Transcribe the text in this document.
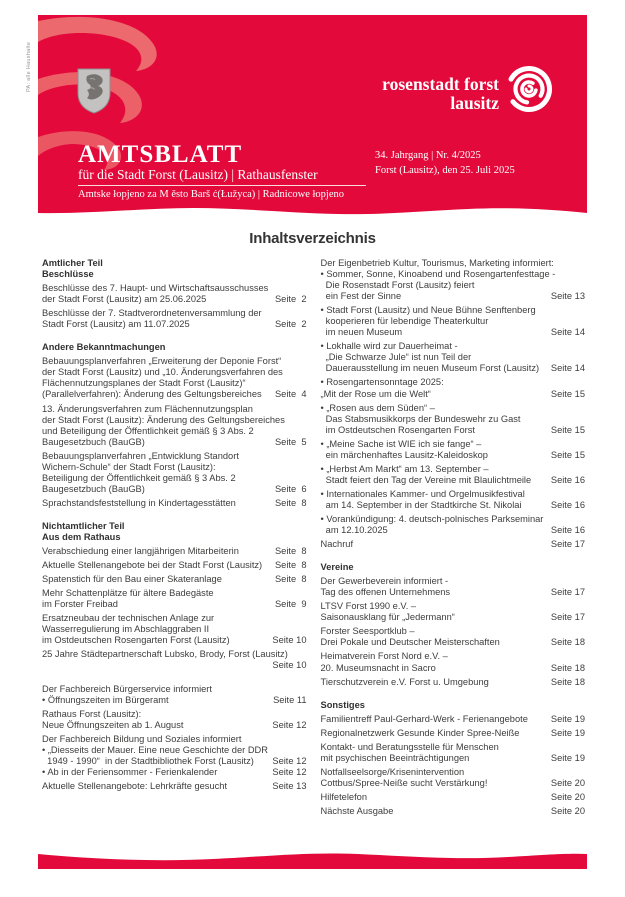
PA: alle Haushalte	rosenstadt forst
lausitz
AMTSBLATT
für die Stadt Forst (Lausitz) | Rathausfenster
Amtske łopjeno za M ěsto Barš ć(Łužyca) | Radnicowe łopjeno
34. Jahrgang | Nr. 4/2025
Forst (Lausitz), den 25. Juli 2025
Inhaltsverzeichnis
Amtlicher Teil
Beschlüsse
Beschlüsse des 7. Haupt- und Wirtschaftsausschusses
der Stadt Forst (Lausitz) am 25.06.2025	Seite  2
Beschlüsse der 7. Stadtverordnetenversammlung der
Stadt Forst (Lausitz) am 11.07.2025	Seite  2
Andere Bekanntmachungen
Bebauungsplanverfahren „Erweiterung der Deponie Forst“
der Stadt Forst (Lausitz) und „10. Änderungsverfahren des
Flächennutzungsplanes der Stadt Forst (Lausitz)“
(Parallelverfahren): Änderung des Geltungsbereiches Seite  4
13. Änderungsverfahren zum Flächennutzungsplan
der Stadt Forst (Lausitz): Änderung des Geltungsbereiches
und Beteiligung der Öffentlichkeit gemäß § 3 Abs. 2
Baugesetzbuch (BauGB)	Seite  5
Bebauungsplanverfahren „Entwicklung Standort
Wichern-Schule“ der Stadt Forst (Lausitz):
Beteiligung der Öffentlichkeit gemäß § 3 Abs. 2
Baugesetzbuch (BauGB)	Seite  6
Sprachstandsfeststellung in Kindertagesstätten	Seite  8
Nichtamtlicher Teil
Aus dem Rathaus
Verabschiedung einer langjährigen Mitarbeiterin	Seite  8
Aktuelle Stellenangebote bei der Stadt Forst (Lausitz) Seite  8
Spatenstich für den Bau einer Skateranlage	Seite  8
Mehr Schattenplätze für ältere Badegäste
im Forster Freibad	Seite  9
Ersatzneubau der technischen Anlage zur
Wasserregulierung im Abschlaggraben II
im Ostdeutschen Rosengarten Forst (Lausitz)	Seite 10
25 Jahre Städtepartnerschaft Lubsko, Brody, Forst (Lausitz)
Seite 10
Der Fachbereich Bürgerservice informiert
• Öffnungszeiten im Bürgeramt	Seite 11
Rathaus Forst (Lausitz):
Neue Öffnungszeiten ab 1. August	Seite 12
Der Fachbereich Bildung und Soziales informiert
• „Diesseits der Mauer. Eine neue Geschichte der DDR
1949 - 1990“  in der Stadtbibliothek Forst (Lausitz) Seite 12
• Ab in der Feriensommer - Ferienkalender	Seite 12
Aktuelle Stellenangebote: Lehrkräfte gesucht	Seite 13
Der Eigenbetrieb Kultur, Tourismus, Marketing informiert:
• Sommer, Sonne, Kinoabend und Rosengartenfesttage -
Die Rosenstadt Forst (Lausitz) feiert
ein Fest der Sinne	Seite 13
• Stadt Forst (Lausitz) und Neue Bühne Senftenberg
kooperieren für lebendige Theaterkultur
im neuen Museum	Seite 14
• Lokhalle wird zur Dauerheimat -
„Die Schwarze Jule“ ist nun Teil der
Dauerausstellung im neuen Museum Forst (Lausitz) Seite 14
• Rosengartensonntage 2025:
„Mit der Rose um die Welt“	Seite 15
• „Rosen aus dem Süden“ –
Das Stabsmusikkorps der Bundeswehr zu Gast
im Ostdeutschen Rosengarten Forst	Seite 15
• „Meine Sache ist WIE ich sie fange“ –
ein märchenhaftes Lausitz-Kaleidoskop	Seite 15
• „Herbst Am Markt“ am 13. September –
Stadt feiert den Tag der Vereine mit Blaulichtmeile Seite 16
• Internationales Kammer- und Orgelmusikfestival
am 14. September in der Stadtkirche St. Nikolai	Seite 16
• Vorankündigung: 4. deutsch-polnisches Parkseminar
am 12.10.2025	Seite 16
Nachruf	Seite 17
Vereine
Der Gewerbeverein informiert -
Tag des offenen Unternehmens	Seite 17
LTSV Forst 1990 e.V. –
Saisonausklang für „Jedermann“	Seite 17
Forster Seesportklub –
Drei Pokale und Deutscher Meisterschaften	Seite 18
Heimatverein Forst Nord e.V. –
20. Museumsnacht in Sacro	Seite 18
Tierschutzverein e.V. Forst u. Umgebung	Seite 18
Sonstiges
Familientreff Paul-Gerhard-Werk - Ferienangebote Seite 19
Regionalnetzwerk Gesunde Kinder Spree-Neiße	Seite 19
Kontakt- und Beratungsstelle für Menschen
mit psychischen Beeinträchtigungen	Seite 19
Notfallseelsorge/Krisenintervention
Cottbus/Spree-Neiße sucht Verstärkung!	Seite 20
Hilfetelefon	Seite 20
Nächste Ausgabe	Seite 20
